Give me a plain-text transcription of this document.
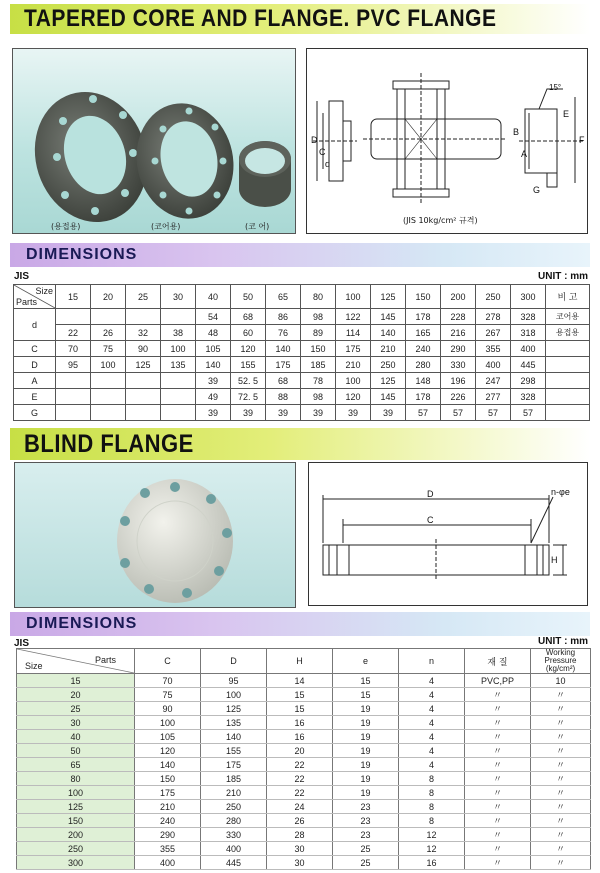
TAPERED CORE AND FLANGE. PVC FLANGE
(용접용)	(코어용)	(코 어)
D
C
d
15°
B
A
F
E
G
(JIS 10kg/cm² 규격)
DIMENSIONS
JIS	UNIT : mm
Size
Parts	15	20	25	30	40	50	65	80	100	125	150	200	250	300	비 고
d					54	68	86	98	122	145	178	228	278	328	코어용
	22	26	32	38	48	60	76	89	114	140	165	216	267	318	용접용
C	70	75	90	100	105	120	140	150	175	210	240	290	355	400	
D	95	100	125	135	140	155	175	185	210	250	280	330	400	445	
A					39	52. 5	68	78	100	125	148	196	247	298	
E					49	72. 5	88	98	120	145	178	226	277	328	
G					39	39	39	39	39	39	57	57	57	57	
BLIND FLANGE
D
C
n-φe
H
DIMENSIONS
JIS	UNIT : mm
Size
Parts	C	D	H	e	n	재 질	Working Pressure (kg/cm²)
15	70	95	14	15	4	PVC,PP	10
20	75	100	15	15	4	〃	〃
25	90	125	15	19	4	〃	〃
30	100	135	16	19	4	〃	〃
40	105	140	16	19	4	〃	〃
50	120	155	20	19	4	〃	〃
65	140	175	22	19	4	〃	〃
80	150	185	22	19	8	〃	〃
100	175	210	22	19	8	〃	〃
125	210	250	24	23	8	〃	〃
150	240	280	26	23	8	〃	〃
200	290	330	28	23	12	〃	〃
250	355	400	30	25	12	〃	〃
300	400	445	30	25	16	〃	〃
